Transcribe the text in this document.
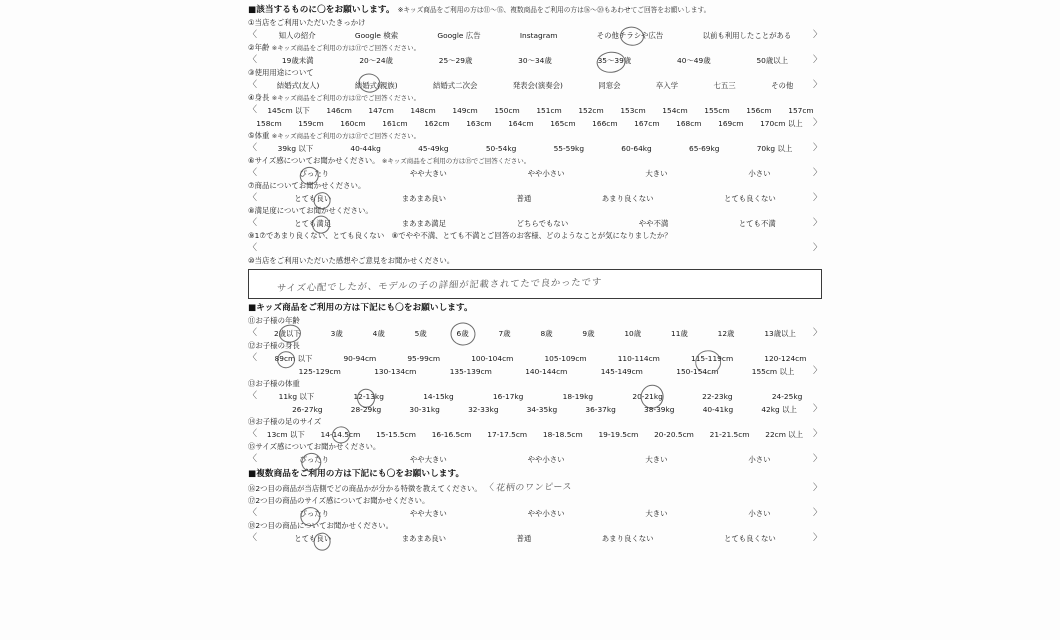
■該当するものに〇をお願いします。 ※キッズ商品をご利用の方は⑪〜⑮、複数商品をご利用の方は⑯〜⑳もあわせてご回答をお願いします。
①当店をご利用いただいたきっかけ
〈	知人の紹介	Google 検索	Google 広告	Instagram	その他チラシや広告	以前も利用したことがある 〉
②年齢 ※キッズ商品をご利用の方は⑪でご回答ください。
〈	19歳未満	20〜24歳	25〜29歳	30〜34歳	35〜39歳	40〜49歳	50歳以上	〉
③使用用途について
〈	結婚式(友人)	結婚式(親族)	結婚式二次会	発表会(演奏会)	同窓会	卒入学	七五三	その他 〉
④身長 ※キッズ商品をご利用の方は⑫でご回答ください。
〈 145cm 以下 146cm 147cm 148cm 149cm 150cm 151cm 152cm 153cm 154cm 155cm 156cm 157cm
158cm 159cm 160cm 161cm 162cm 163cm 164cm 165cm 166cm 167cm 168cm 169cm 170cm 以上 〉
⑤体重 ※キッズ商品をご利用の方は⑬でご回答ください。
〈	39kg 以下	40-44kg	45-49kg	50-54kg	55-59kg	60-64kg	65-69kg	70kg 以上 〉
⑥サイズ感についてお聞かせください。 ※キッズ商品をご利用の方は⑮でご回答ください。
〈	ぴったり	やや大きい	やや小さい	大きい	小さい	〉
⑦商品についてお聞かせください。
〈	とても良い	まあまあ良い	普通	あまり良くない	とても良くない	〉
⑧満足度についてお聞かせください。
〈	とても満足	まあまあ満足	どちらでもない	やや不満	とても不満	〉
⑨1⑦であまり良くない、とても良くない　⑧でやや不満、とても不満とご回答のお客様、どのようなことが気になりましたか？
〈	〉
⑩当店をご利用いただいた感想やご意見をお聞かせください。
サイズ心配でしたが、モデルの子の詳細が記載されてたで良かったです
■キッズ商品をご利用の方は下記にも〇をお願いします。
⑪お子様の年齢
〈 2歳以下	3歳	4歳	5歳	6歳	7歳	8歳	9歳	10歳	11歳	12歳	13歳以上 〉
⑫お子様の身長
〈 89cm 以下	90-94cm	95-99cm	100-104cm	105-109cm	110-114cm	115-119cm	120-124cm
125-129cm	130-134cm	135-139cm	140-144cm	145-149cm	150-154cm	155cm 以上 〉
⑬お子様の体重
〈	11kg 以下	12-13kg	14-15kg	16-17kg	18-19kg	20-21kg	22-23kg	24-25kg
26-27kg	28-29kg	30-31kg	32-33kg	34-35kg	36-37kg	38-39kg	40-41kg	42kg 以上 〉
⑭お子様の足のサイズ
〈 13cm 以下 14-14.5cm 15-15.5cm 16-16.5cm 17-17.5cm 18-18.5cm 19-19.5cm 20-20.5cm 21-21.5cm 22cm 以上 〉
⑮サイズ感についてお聞かせください。
〈	ぴったり	やや大きい	やや小さい	大きい	小さい	〉
■複数商品をご利用の方は下記にも〇をお願いします。
⑯2つ目の商品が当店側でどの商品かが分かる特徴を教えてください。 〈 花柄のワンピース	〉
⑰2つ目の商品のサイズ感についてお聞かせください。
〈	ぴったり	やや大きい	やや小さい	大きい	小さい	〉
⑱2つ目の商品についてお聞かせください。
〈	とても良い	まあまあ良い	普通	あまり良くない	とても良くない	〉
